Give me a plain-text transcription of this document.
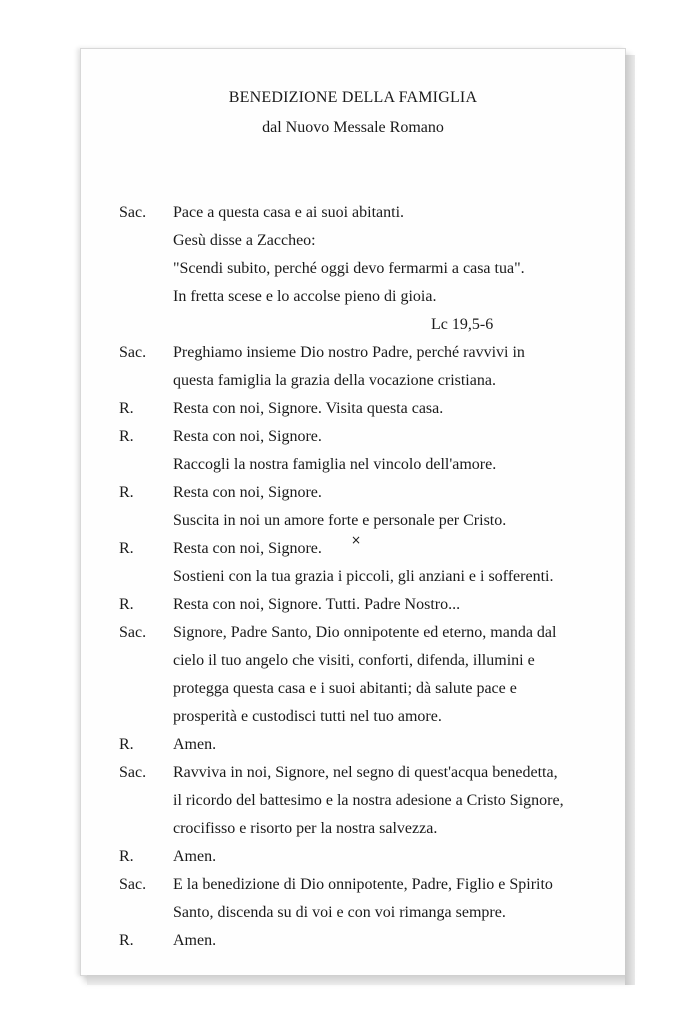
BENEDIZIONE DELLA FAMIGLIA
dal Nuovo Messale Romano
Sac. Pace a questa casa e ai suoi abitanti.
Gesù disse a Zaccheo:
"Scendi subito, perché oggi devo fermarmi a casa tua".
In fretta scese e lo accolse pieno di gioia.
Lc 19,5-6
Sac. Preghiamo insieme Dio nostro Padre, perché ravvivi in
questa famiglia la grazia della vocazione cristiana.
R. Resta con noi, Signore. Visita questa casa.
R. Resta con noi, Signore.
Raccogli la nostra famiglia nel vincolo dell'amore.
R. Resta con noi, Signore.
Suscita in noi un amore forte e personale per Cristo.
R. Resta con noi, Signore. ×
Sostieni con la tua grazia i piccoli, gli anziani e i sofferenti.
R. Resta con noi, Signore. Tutti. Padre Nostro...
Sac. Signore, Padre Santo, Dio onnipotente ed eterno, manda dal
cielo il tuo angelo che visiti, conforti, difenda, illumini e
protegga questa casa e i suoi abitanti; dà salute pace e
prosperità e custodisci tutti nel tuo amore.
R. Amen.
Sac. Ravviva in noi, Signore, nel segno di quest'acqua benedetta,
il ricordo del battesimo e la nostra adesione a Cristo Signore,
crocifisso e risorto per la nostra salvezza.
R. Amen.
Sac. E la benedizione di Dio onnipotente, Padre, Figlio e Spirito
Santo, discenda su di voi e con voi rimanga sempre.
R. Amen.
